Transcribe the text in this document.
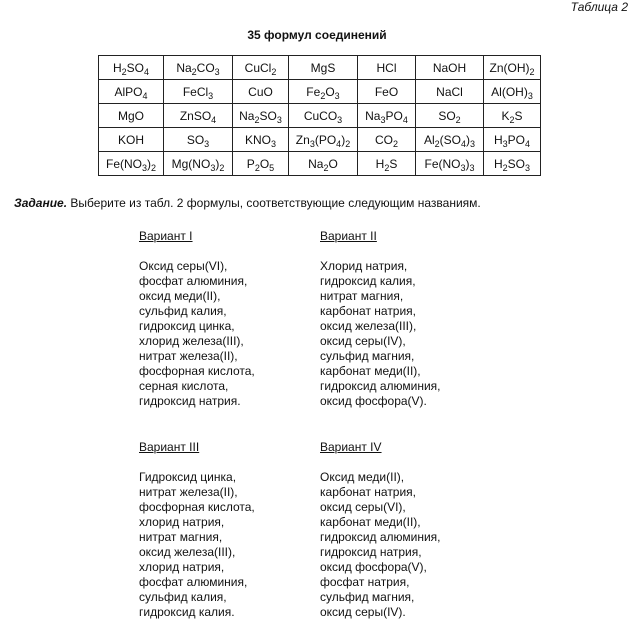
Таблица 2
35 формул соединений
$H_2SO_4$	$Na_2CO_3$	CuCl$_2$	MgS	HCl	NaOH	$Zn(OH)_2$
AlPO$_4$	FeCl$_3$	CuO	$Fe_2O_3$	FeO	NaCl	$Al(OH)_3$
MgO	ZnSO$_4$	$Na_2SO_3$	CuCO$_3$	$Na_3PO_4$	$SO_2$	$K_2S$
KOH	$SO_3$	$KNO_3$	$Zn_3(PO_4)_2$	$CO_2$	$Al_2(SO_4)_3$	$H_3PO_4$
$Fe(NO_3)_2$	$Mg(NO_3)_2$	$P_2O_5$	$Na_2O$	$H_2S$	$Fe(NO_3)_3$	$H_2SO_3$
Задание. Выберите из табл. 2 формулы, соответствующие следующим названиям.
Вариант I
Оксид серы(VI),
фосфат алюминия,
оксид меди(II),
сульфид калия,
гидроксид цинка,
хлорид железа(III),
нитрат железа(II),
фосфорная кислота,
серная кислота,
гидроксид натрия.
Вариант II
Хлорид натрия,
гидроксид калия,
нитрат магния,
карбонат натрия,
оксид железа(III),
оксид серы(IV),
сульфид магния,
карбонат меди(II),
гидроксид алюминия,
оксид фосфора(V).
Вариант III
Гидроксид цинка,
нитрат железа(II),
фосфорная кислота,
хлорид натрия,
нитрат магния,
оксид железа(III),
хлорид натрия,
фосфат алюминия,
сульфид калия,
гидроксид калия.
Вариант IV
Оксид меди(II),
карбонат натрия,
оксид серы(VI),
карбонат меди(II),
гидроксид алюминия,
гидроксид натрия,
оксид фосфора(V),
фосфат натрия,
сульфид магния,
оксид серы(IV).
